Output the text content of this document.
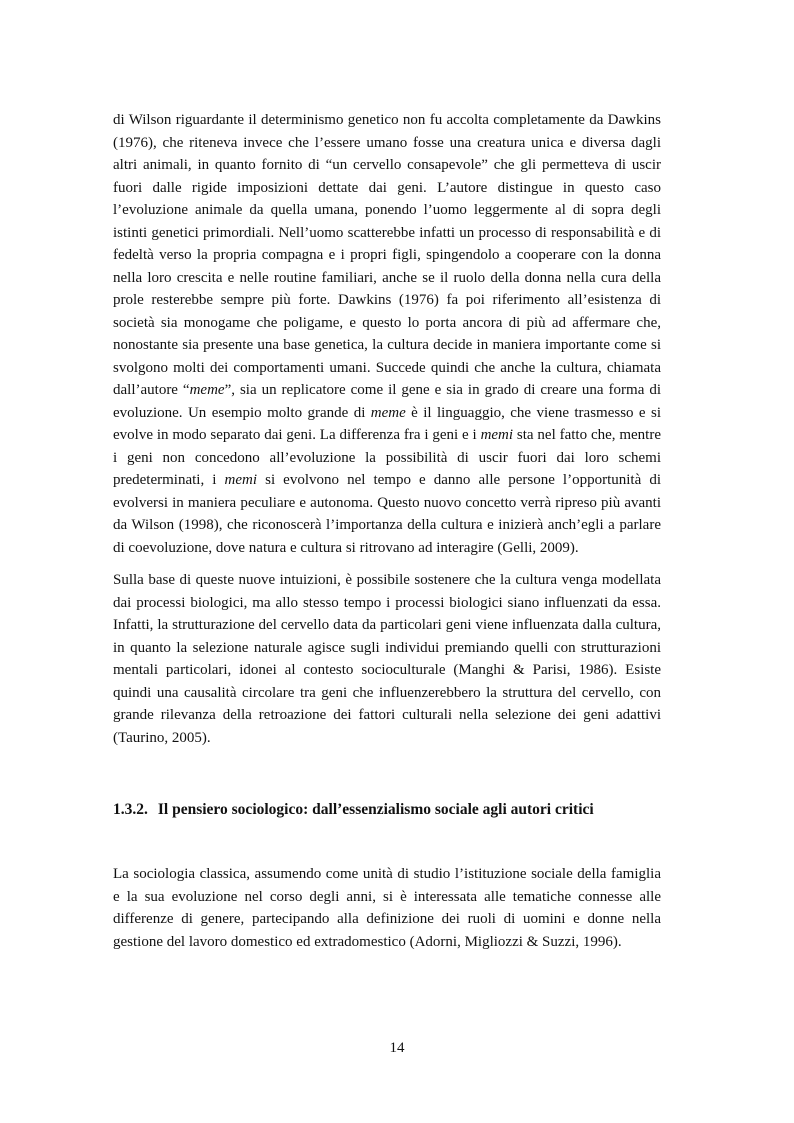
di Wilson riguardante il determinismo genetico non fu accolta completamente da Dawkins (1976), che riteneva invece che l’essere umano fosse una creatura unica e diversa dagli altri animali, in quanto fornito di “un cervello consapevole” che gli permetteva di uscir fuori dalle rigide imposizioni dettate dai geni. L’autore distingue in questo caso l’evoluzione animale da quella umana, ponendo l’uomo leggermente al di sopra degli istinti genetici primordiali. Nell’uomo scatterebbe infatti un processo di responsabilità e di fedeltà verso la propria compagna e i propri figli, spingendolo a cooperare con la donna nella loro crescita e nelle routine familiari, anche se il ruolo della donna nella cura della prole resterebbe sempre più forte. Dawkins (1976) fa poi riferimento all’esistenza di società sia monogame che poligame, e questo lo porta ancora di più ad affermare che, nonostante sia presente una base genetica, la cultura decide in maniera importante come si svolgono molti dei comportamenti umani. Succede quindi che anche la cultura, chiamata dall’autore “meme”, sia un replicatore come il gene e sia in grado di creare una forma di evoluzione. Un esempio molto grande di meme è il linguaggio, che viene trasmesso e si evolve in modo separato dai geni. La differenza fra i geni e i memi sta nel fatto che, mentre i geni non concedono all’evoluzione la possibilità di uscir fuori dai loro schemi predeterminati, i memi si evolvono nel tempo e danno alle persone l’opportunità di evolversi in maniera peculiare e autonoma. Questo nuovo concetto verrà ripreso più avanti da Wilson (1998), che riconoscerà l’importanza della cultura e inizierà anch’egli a parlare di coevoluzione, dove natura e cultura si ritrovano ad interagire (Gelli, 2009).

Sulla base di queste nuove intuizioni, è possibile sostenere che la cultura venga modellata dai processi biologici, ma allo stesso tempo i processi biologici siano influenzati da essa. Infatti, la strutturazione del cervello data da particolari geni viene influenzata dalla cultura, in quanto la selezione naturale agisce sugli individui premiando quelli con strutturazioni mentali particolari, idonei al contesto socioculturale (Manghi & Parisi, 1986). Esiste quindi una causalità circolare tra geni che influenzerebbero la struttura del cervello, con grande rilevanza della retroazione dei fattori culturali nella selezione dei geni adattivi (Taurino, 2005).

1.3.2. Il pensiero sociologico: dall’essenzialismo sociale agli autori critici

La sociologia classica, assumendo come unità di studio l’istituzione sociale della famiglia e la sua evoluzione nel corso degli anni, si è interessata alle tematiche connesse alle differenze di genere, partecipando alla definizione dei ruoli di uomini e donne nella gestione del lavoro domestico ed extradomestico (Adorni, Migliozzi & Suzzi, 1996).

14
